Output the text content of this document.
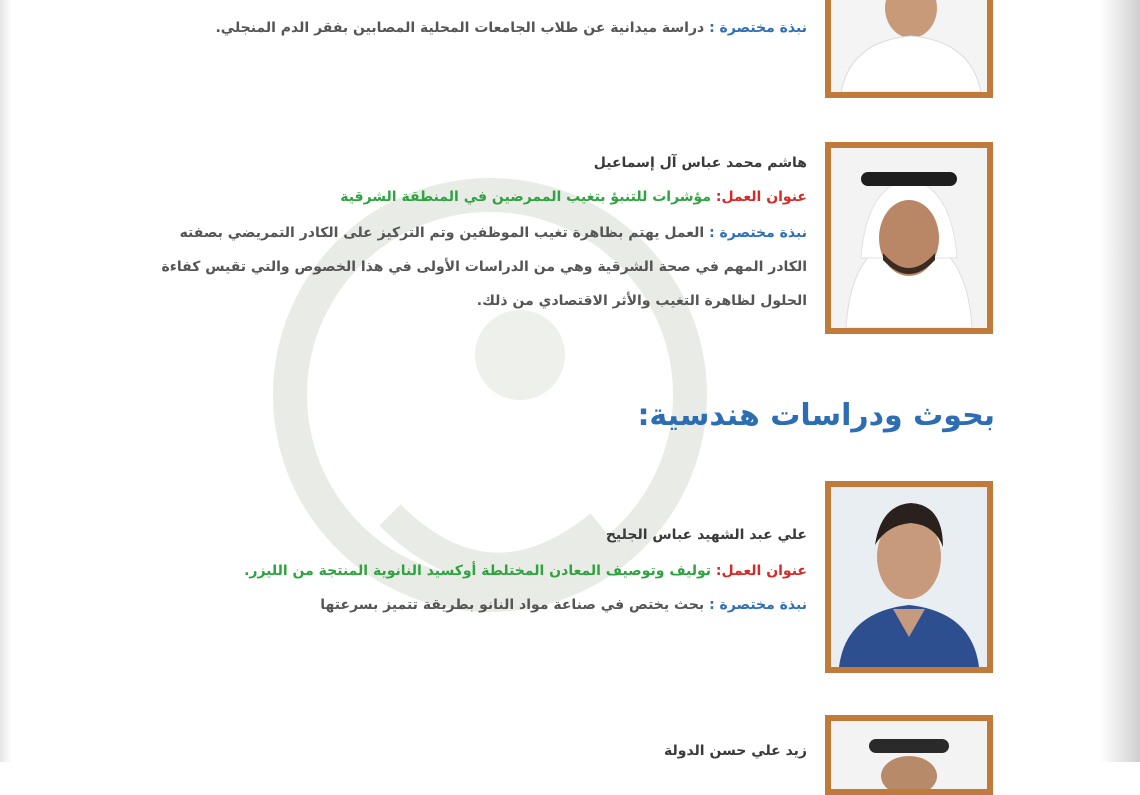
نبذة مختصرة : دراسة ميدانية عن طلاب الجامعات المحلية المصابين بفقر الدم المنجلي.
هاشم محمد عباس آل إسماعيل
عنوان العمل: مؤشرات للتنبؤ بتغيب الممرضين في المنطقة الشرقية
نبذة مختصرة : العمل يهتم بظاهرة تغيب الموظفين وتم التركيز على الكادر التمريضي بصفته
الكادر المهم في صحة الشرقية وهي من الدراسات الأولى في هذا الخصوص والتي تقيس كفاءة
الحلول لظاهرة التغيب والأثر الاقتصادي من ذلك.
بحوث ودراسات هندسية:
علي عبد الشهيد عباس الجليح
عنوان العمل: توليف وتوصيف المعادن المختلطة أوكسيد النانوية المنتجة من الليزر.
نبذة مختصرة : بحث يختص في صناعة مواد النانو بطريقة تتميز بسرعتها
زيد علي حسن الدولة
